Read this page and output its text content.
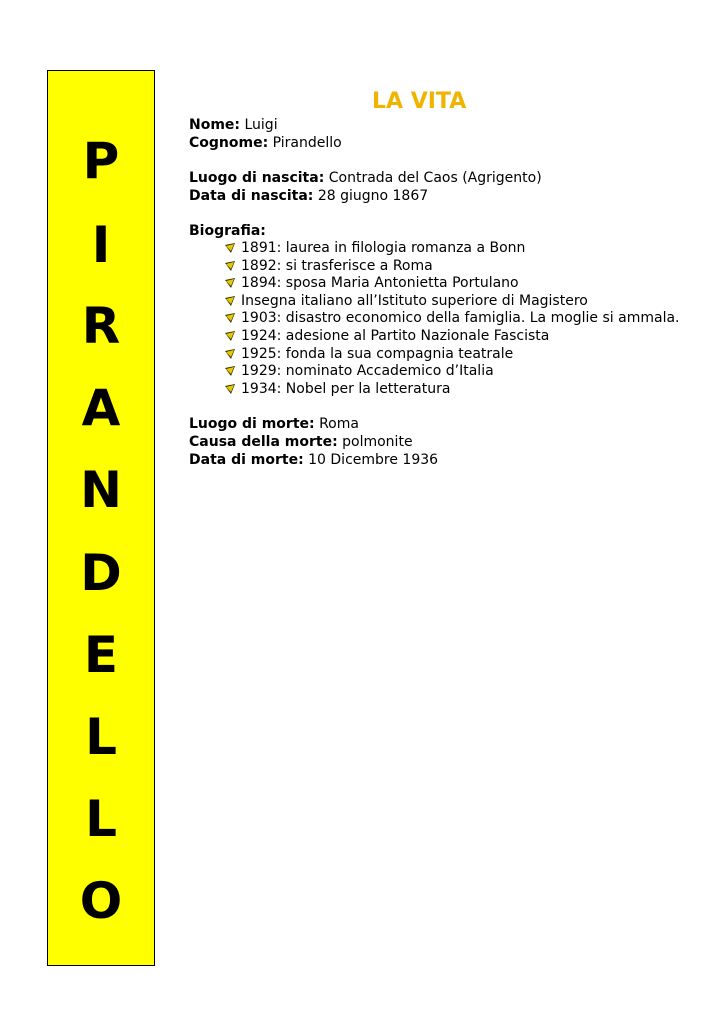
P
I
R
A
N
D
E
L
L
O
LA VITA
Nome: Luigi
Cognome: Pirandello
Luogo di nascita: Contrada del Caos (Agrigento)
Data di nascita: 28 giugno 1867
Biografia:
1891: laurea in filologia romanza a Bonn
1892: si trasferisce a Roma
1894: sposa Maria Antonietta Portulano
Insegna italiano all’Istituto superiore di Magistero
1903: disastro economico della famiglia. La moglie si ammala.
1924: adesione al Partito Nazionale Fascista
1925: fonda la sua compagnia teatrale
1929: nominato Accademico d’Italia
1934: Nobel per la letteratura
Luogo di morte: Roma
Causa della morte: polmonite
Data di morte: 10 Dicembre 1936
